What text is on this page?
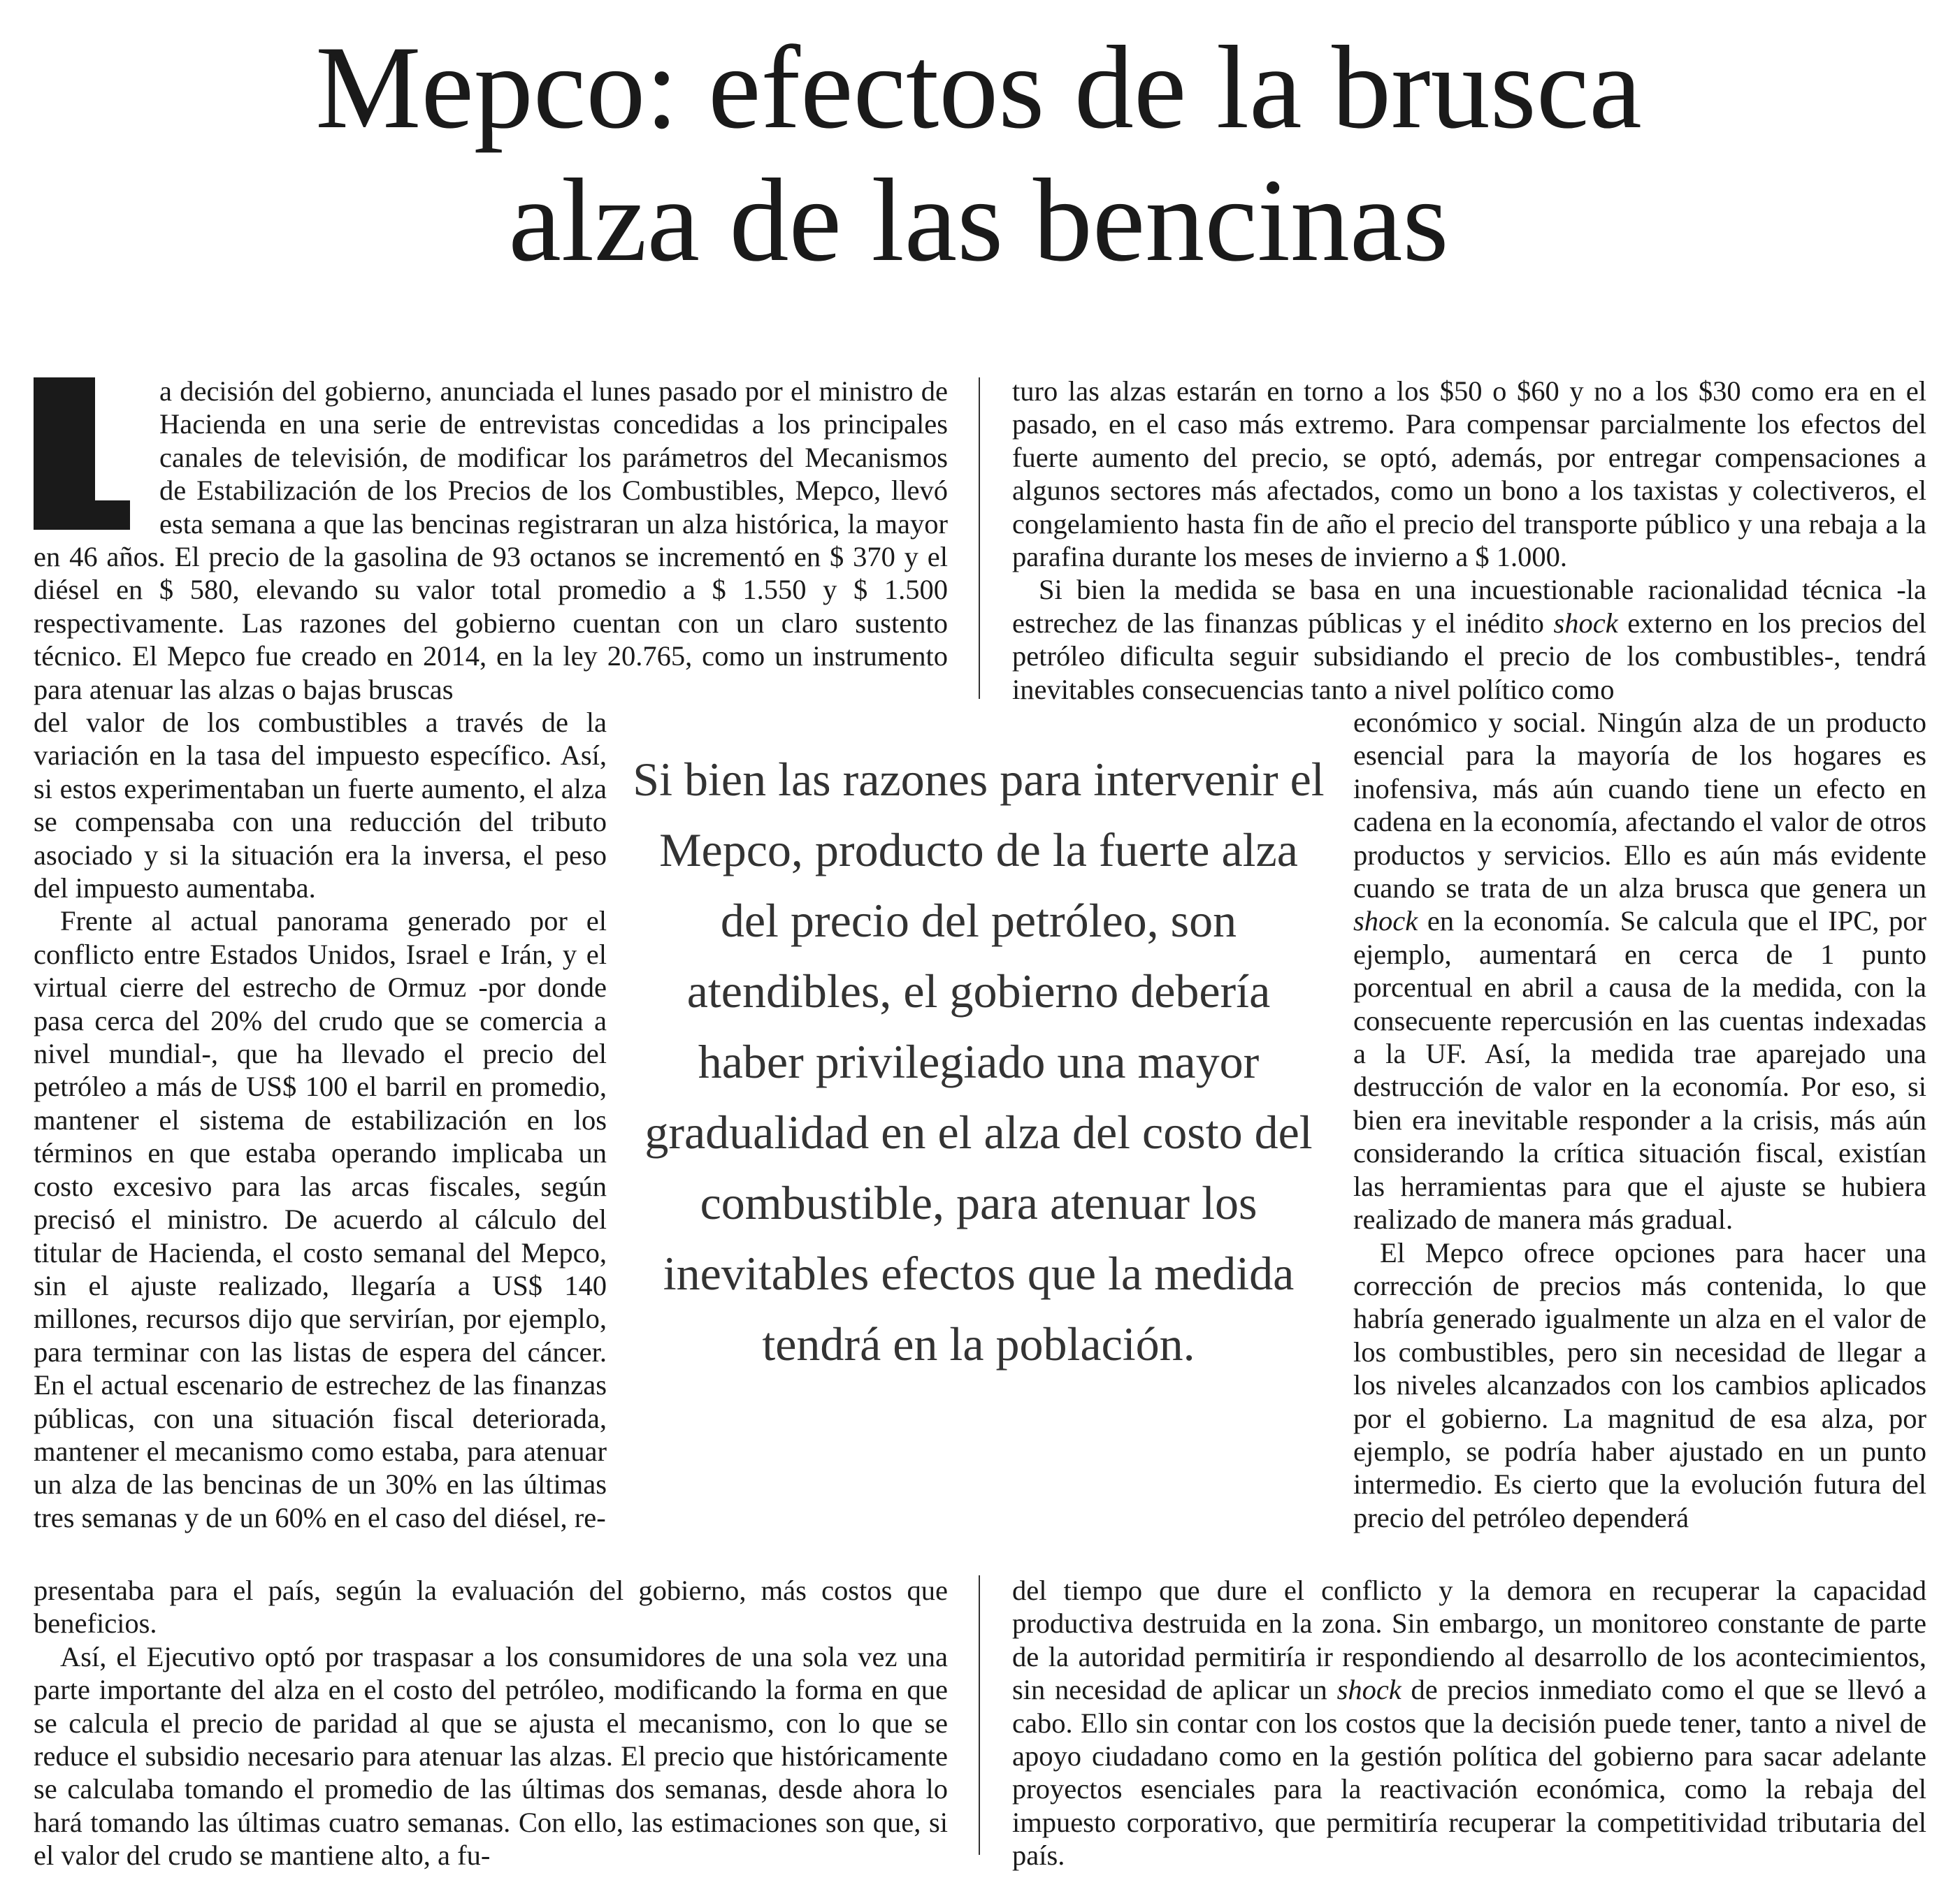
Mepco: efectos de la brusca
alza de las bencinas

a decisión del gobierno, anunciada el lunes pasado por el ministro de Hacienda en una serie de entrevistas concedidas a los principales canales de televisión, de modificar los parámetros del Mecanismos de Estabilización de los Precios de los Combustibles, Mepco, llevó esta semana a que las bencinas registraran un alza histórica, la mayor en 46 años. El precio de la gasolina de 93 octanos se incrementó en $ 370 y el diésel en $ 580, elevando su valor total promedio a $ 1.550 y $ 1.500 respectivamente. Las razones del gobierno cuentan con un claro sustento técnico. El Mepco fue creado en 2014, en la ley 20.765, como un instrumento para atenuar las alzas o bajas bruscas

del valor de los combustibles a través de la variación en la tasa del impuesto específico. Así, si estos experimentaban un fuerte aumento, el alza se compensaba con una reducción del tributo asociado y si la situación era la inversa, el peso del impuesto aumentaba.

Frente al actual panorama generado por el conflicto entre Estados Unidos, Israel e Irán, y el virtual cierre del estrecho de Ormuz -por donde pasa cerca del 20% del crudo que se comercia a nivel mundial-, que ha llevado el precio del petróleo a más de US$ 100 el barril en promedio, mantener el sistema de estabilización en los términos en que estaba operando implicaba un costo excesivo para las arcas fiscales, según precisó el ministro. De acuerdo al cálculo del titular de Hacienda, el costo semanal del Mepco, sin el ajuste realizado, llegaría a US$ 140 millones, recursos dijo que servirían, por ejemplo, para terminar con las listas de espera del cáncer. En el actual escenario de estrechez de las finanzas públicas, con una situación fiscal deteriorada, mantener el mecanismo como estaba, para atenuar un alza de las bencinas de un 30% en las últimas tres semanas y de un 60% en el caso del diésel, re-

Si bien las razones para intervenir el Mepco, producto de la fuerte alza del precio del petróleo, son atendibles, el gobierno debería haber privilegiado una mayor gradualidad en el alza del costo del combustible, para atenuar los inevitables efectos que la medida tendrá en la población.

presentaba para el país, según la evaluación del gobierno, más costos que beneficios.

Así, el Ejecutivo optó por traspasar a los consumidores de una sola vez una parte importante del alza en el costo del petróleo, modificando la forma en que se calcula el precio de paridad al que se ajusta el mecanismo, con lo que se reduce el subsidio necesario para atenuar las alzas. El precio que históricamente se calculaba tomando el promedio de las últimas dos semanas, desde ahora lo hará tomando las últimas cuatro semanas. Con ello, las estimaciones son que, si el valor del crudo se mantiene alto, a fu-

turo las alzas estarán en torno a los $50 o $60 y no a los $30 como era en el pasado, en el caso más extremo. Para compensar parcialmente los efectos del fuerte aumento del precio, se optó, además, por entregar compensaciones a algunos sectores más afectados, como un bono a los taxistas y colectiveros, el congelamiento hasta fin de año el precio del transporte público y una rebaja a la parafina durante los meses de invierno a $ 1.000.

Si bien la medida se basa en una incuestionable racionalidad técnica -la estrechez de las finanzas públicas y el inédito shock externo en los precios del petróleo dificulta seguir subsidiando el precio de los combustibles-, tendrá inevitables consecuencias tanto a nivel político como

económico y social. Ningún alza de un producto esencial para la mayoría de los hogares es inofensiva, más aún cuando tiene un efecto en cadena en la economía, afectando el valor de otros productos y servicios. Ello es aún más evidente cuando se trata de un alza brusca que genera un shock en la economía. Se calcula que el IPC, por ejemplo, aumentará en cerca de 1 punto porcentual en abril a causa de la medida, con la consecuente repercusión en las cuentas indexadas a la UF. Así, la medida trae aparejado una destrucción de valor en la economía. Por eso, si bien era inevitable responder a la crisis, más aún considerando la crítica situación fiscal, existían las herramientas para que el ajuste se hubiera realizado de manera más gradual.

El Mepco ofrece opciones para hacer una corrección de precios más contenida, lo que habría generado igualmente un alza en el valor de los combustibles, pero sin necesidad de llegar a los niveles alcanzados con los cambios aplicados por el gobierno. La magnitud de esa alza, por ejemplo, se podría haber ajustado en un punto intermedio. Es cierto que la evolución futura del precio del petróleo dependerá

del tiempo que dure el conflicto y la demora en recuperar la capacidad productiva destruida en la zona. Sin embargo, un monitoreo constante de parte de la autoridad permitiría ir respondiendo al desarrollo de los acontecimientos, sin necesidad de aplicar un shock de precios inmediato como el que se llevó a cabo. Ello sin contar con los costos que la decisión puede tener, tanto a nivel de apoyo ciudadano como en la gestión política del gobierno para sacar adelante proyectos esenciales para la reactivación económica, como la rebaja del impuesto corporativo, que permitiría recuperar la competitividad tributaria del país.
